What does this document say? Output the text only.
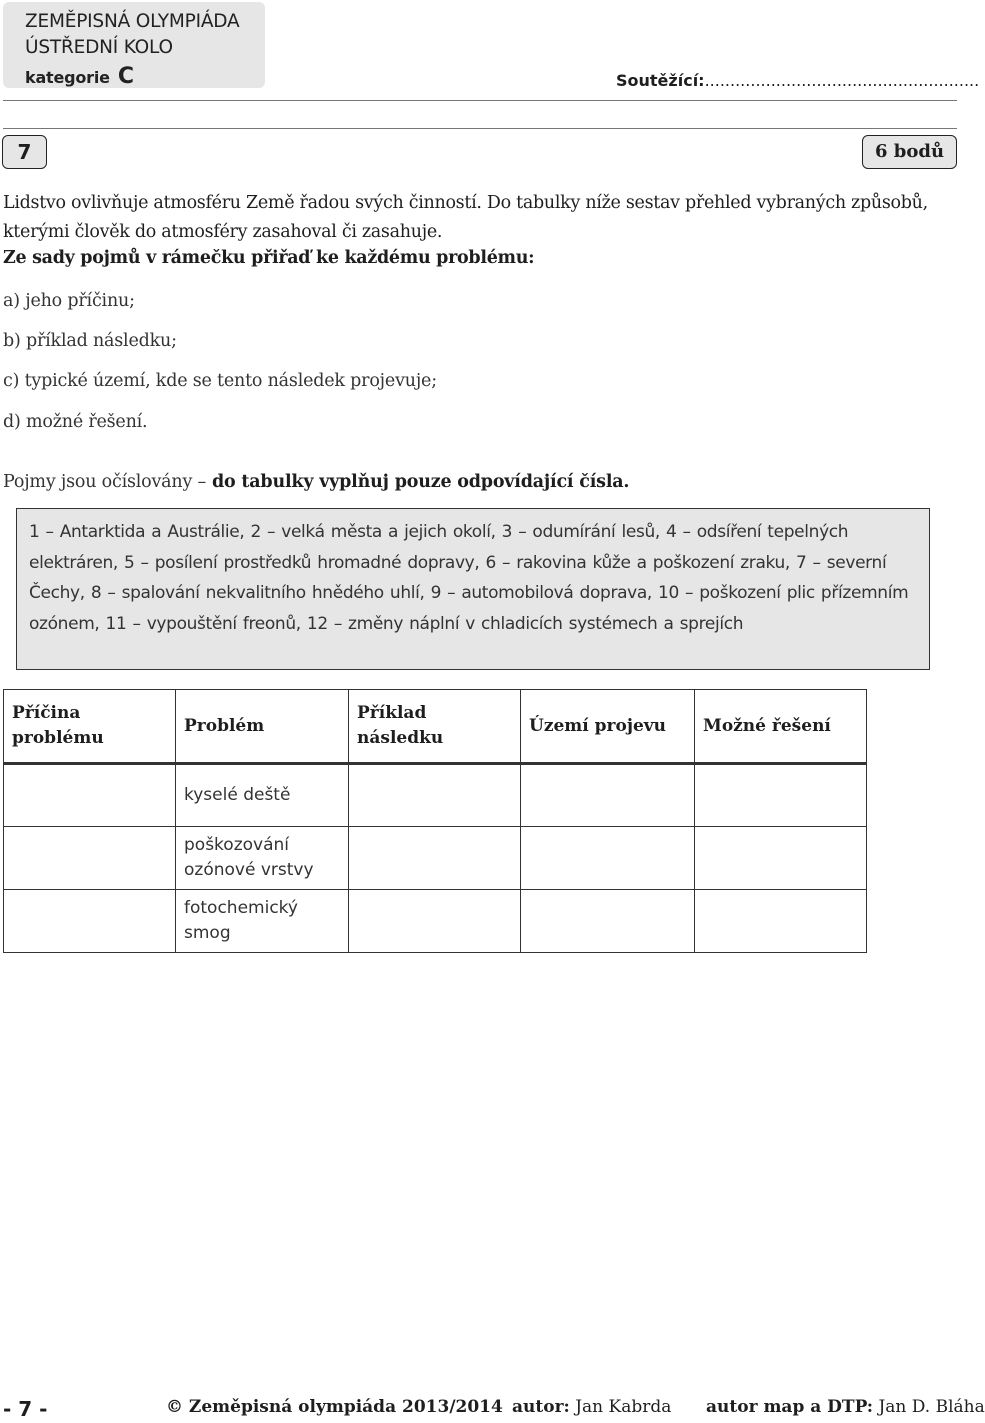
ZEMĚPISNÁ OLYMPIÁDA
ÚSTŘEDNÍ KOLO
kategorie C	Soutěžící:......................................................
7	6 bodů
Lidstvo ovlivňuje atmosféru Země řadou svých činností. Do tabulky níže sestav přehled vybraných způsobů, kterými člověk do atmosféry zasahoval či zasahuje.
Ze sady pojmů v rámečku přiřaď ke každému problému:
a) jeho příčinu;
b) příklad následku;
c) typické území, kde se tento následek projevuje;
d) možné řešení.
Pojmy jsou očíslovány – do tabulky vyplňuj pouze odpovídající čísla.
1 – Antarktida a Austrálie, 2 – velká města a jejich okolí, 3 – odumírání lesů, 4 – odsíření tepelných elektráren, 5 – posílení prostředků hromadné dopravy, 6 – rakovina kůže a poškození zraku, 7 – severní Čechy, 8 – spalování nekvalitního hnědého uhlí, 9 – automobilová doprava, 10 – poškození plic přízemním ozónem, 11 – vypouštění freonů, 12 – změny náplní v chladicích systémech a sprejích
Příčina problému	Problém	Příklad následku	Území projevu	Možné řešení
	kyselé deště			
	poškozování ozónové vrstvy			
	fotochemický smog			
- 7 -	© Zeměpisná olympiáda 2013/2014 autor: Jan Kabrda autor map a DTP: Jan D. Bláha
